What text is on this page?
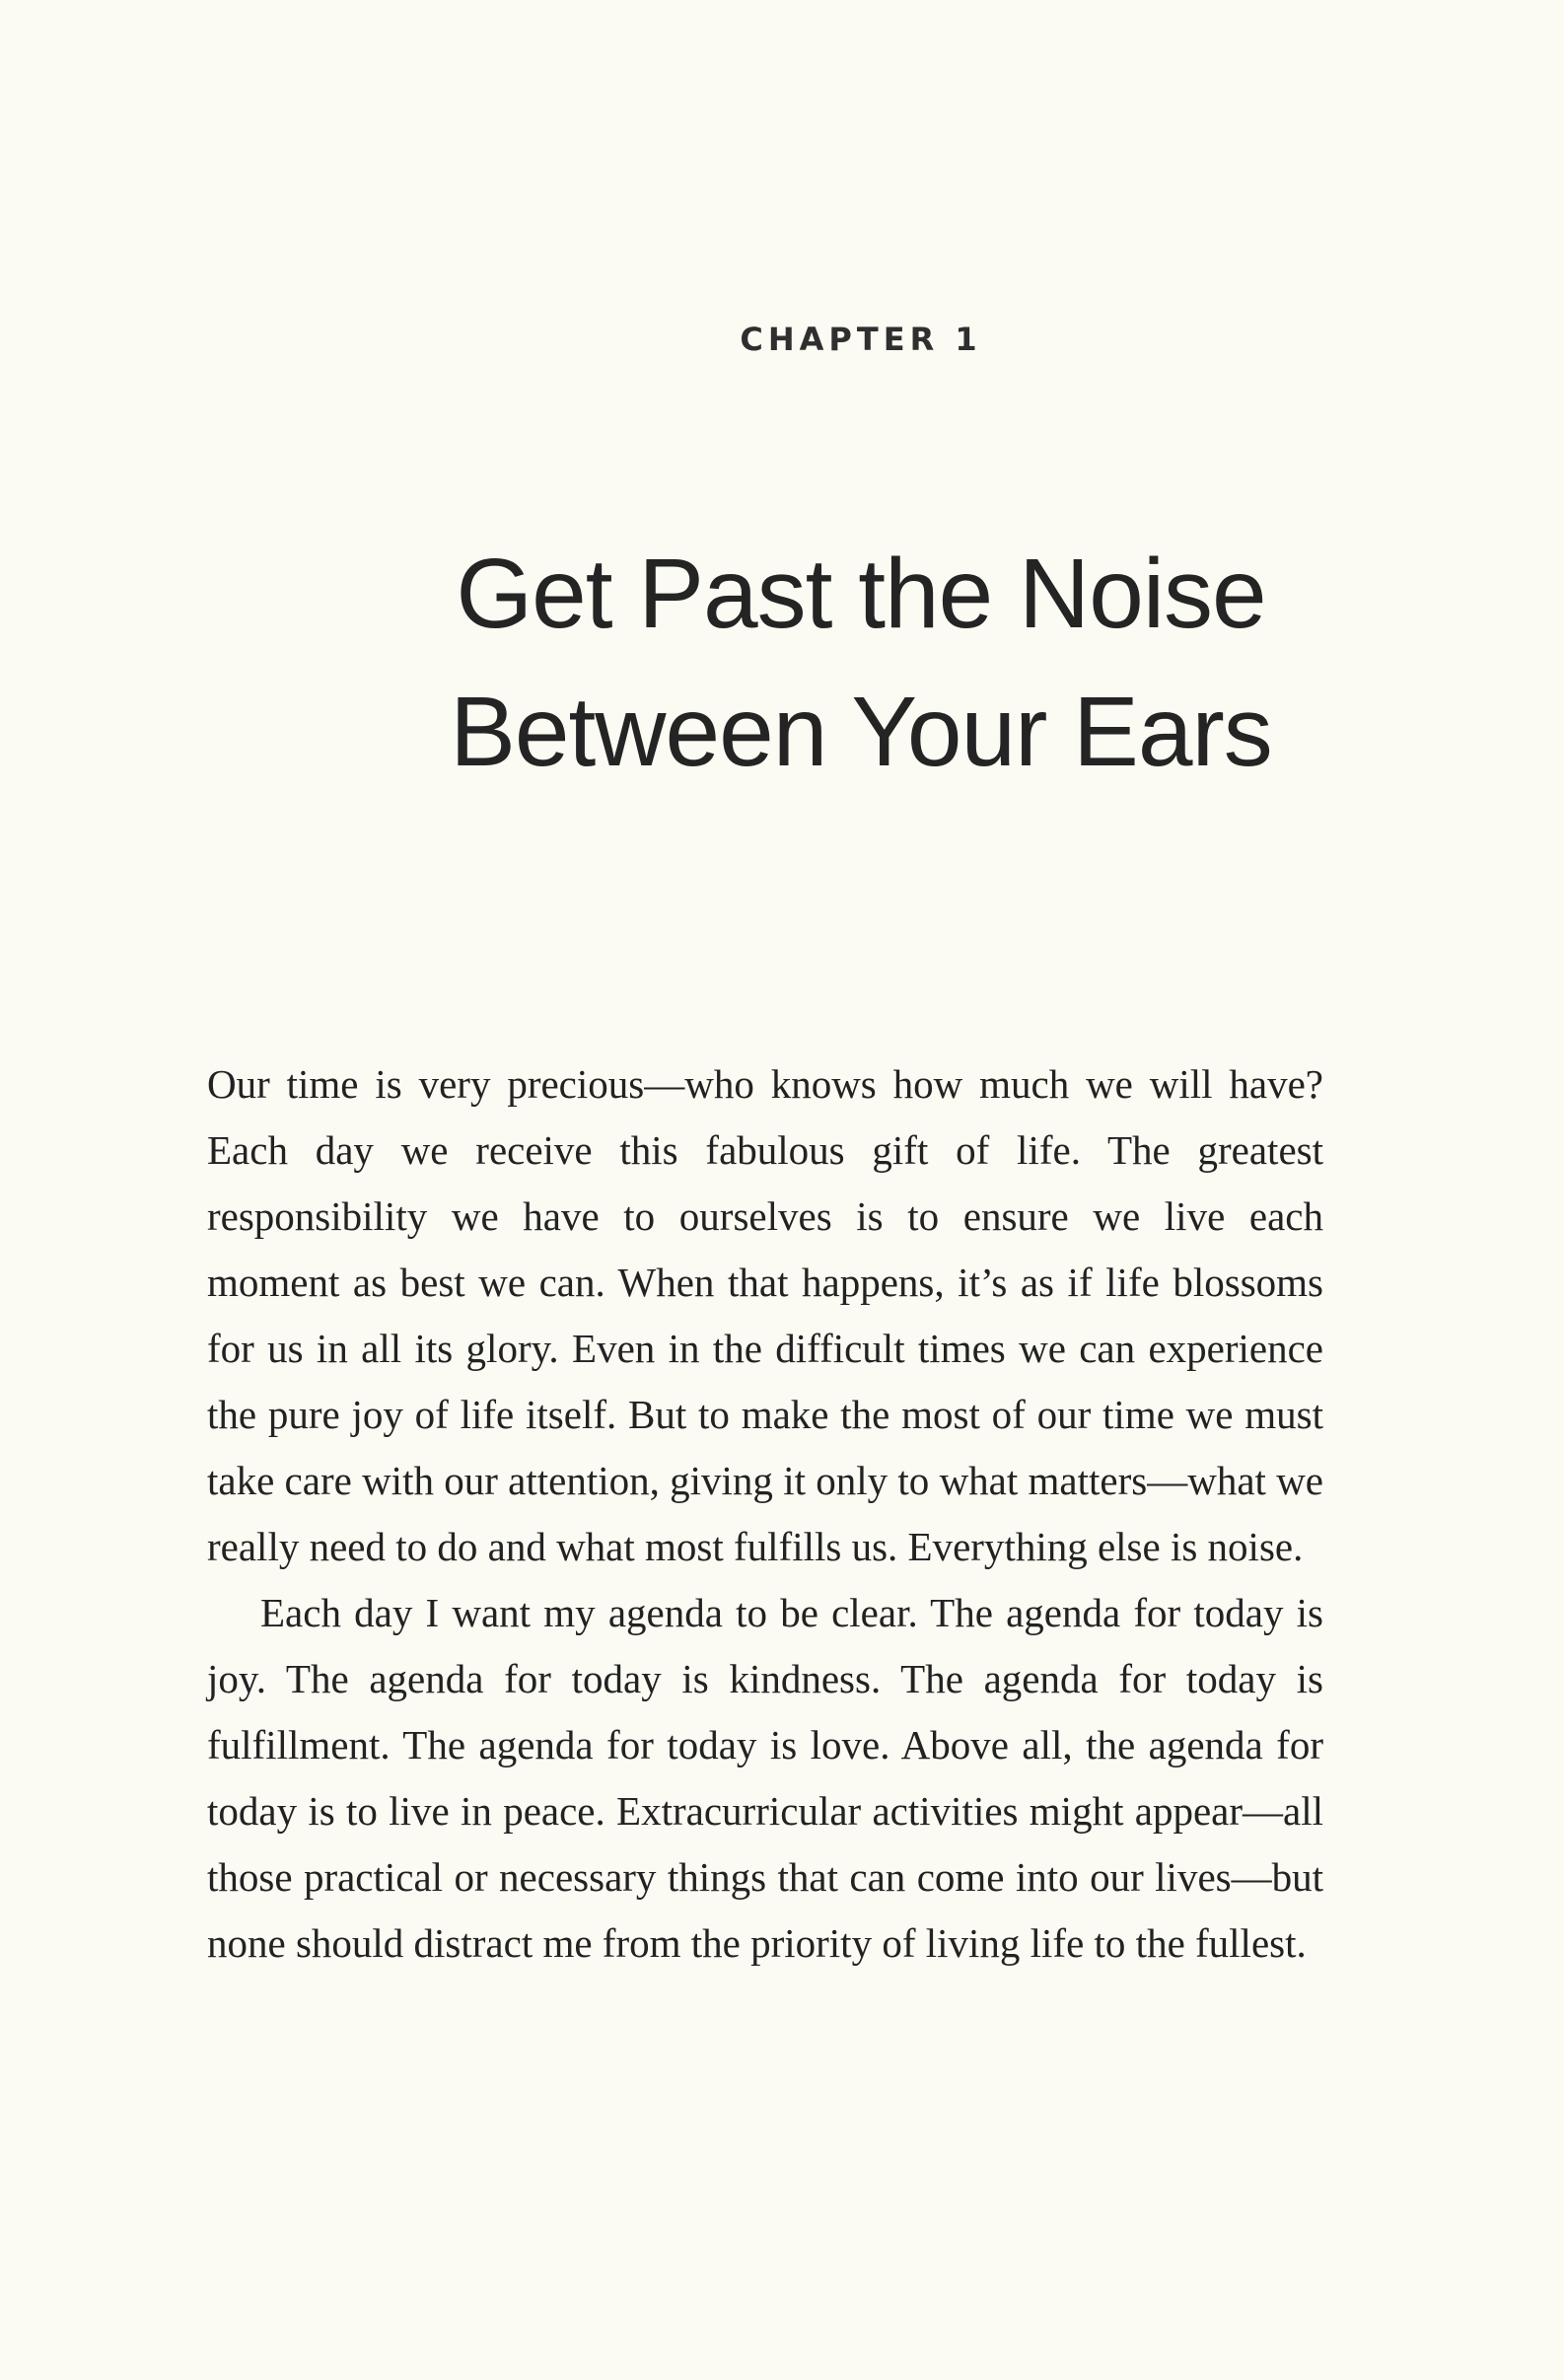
CHAPTER 1
Get Past the Noise
Between Your Ears

Our time is very precious—who knows how much we will have? Each day we receive this fabulous gift of life. The greatest responsibility we have to ourselves is to ensure we live each moment as best we can. When that happens, it’s as if life blossoms for us in all its glory. Even in the difficult times we can experience the pure joy of life itself. But to make the most of our time we must take care with our attention, giving it only to what matters—what we really need to do and what most fulfills us. Everything else is noise.

Each day I want my agenda to be clear. The agenda for today is joy. The agenda for today is kindness. The agenda for today is fulfillment. The agenda for today is love. Above all, the agenda for today is to live in peace. Extracurricular activities might appear—all those practical or necessary things that can come into our lives—but none should distract me from the priority of living life to the fullest.
